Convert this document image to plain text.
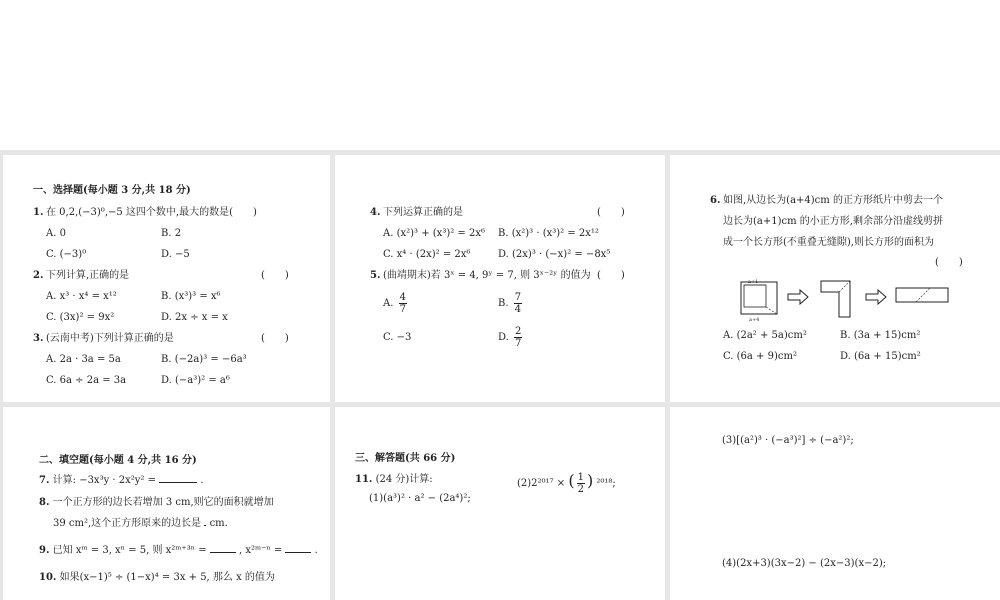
一、选择题(每小题 3 分,共 18 分)
1. 在 0,2,(−3)⁰,−5 这四个数中,最大的数是(　　)
A. 0	B. 2
C. (−3)⁰	D. −5
2. 下列计算,正确的是	(　　)
A. x³ · x⁴ = x¹²	B. (x³)³ = x⁶
C. (3x)² = 9x²	D. 2x ÷ x = x
3. (云南中考)下列计算正确的是	(　　)
A. 2a · 3a = 5a	B. (−2a)³ = −6a³
C. 6a ÷ 2a = 3a	D. (−a³)² = a⁶
4. 下列运算正确的是	(　　)
A. (x²)³ + (x³)² = 2x⁶ B. (x²)³ · (x³)² = 2x¹²
C. x⁴ · (2x)² = 2x⁶	D. (2x)³ · (−x)² = −8x⁵
5. (曲靖期末)若 3ˣ = 4, 9ʸ = 7, 则 3ˣ⁻²ʸ 的值为 (　　)
A. $\frac{4}{7}$	B. $\frac{7}{4}$
C. −3	D. $\frac{2}{7}$
6. 如图,从边长为(a+4)cm 的正方形纸片中剪去一个
边长为(a+1)cm 的小正方形,剩余部分沿虚线剪拼
成一个长方形(不重叠无缝隙),则长方形的面积为
(　　)
a+1
a+4
A. (2a² + 5a)cm²	B. (3a + 15)cm²
C. (6a + 9)cm²	D. (6a + 15)cm²
二、填空题(每小题 4 分,共 16 分)
7. 计算: −3x³y · 2x²y² =	.
8. 一个正方形的边长若增加 3 cm,则它的面积就增加
39 cm²,这个正方形原来的边长是 cm.
9. 已知 xᵐ = 3, xⁿ = 5, 则 x²ᵐ⁺³ⁿ =	, x²ᵐ⁻ⁿ =	.
10. 如果(x−1)⁵ ÷ (1−x)⁴ = 3x + 5, 那么 x 的值为
三、解答题(共 66 分)
11. (24 分)计算:
(1)(a³)² · a² − (2a⁴)²;
(2)2²⁰¹⁷ × ( $\frac{1}{2}$ ) ²⁰¹⁸;
(3)[(a²)³ · (−a³)²] ÷ (−a²)²;
(4)(2x+3)(3x−2) − (2x−3)(x−2);
